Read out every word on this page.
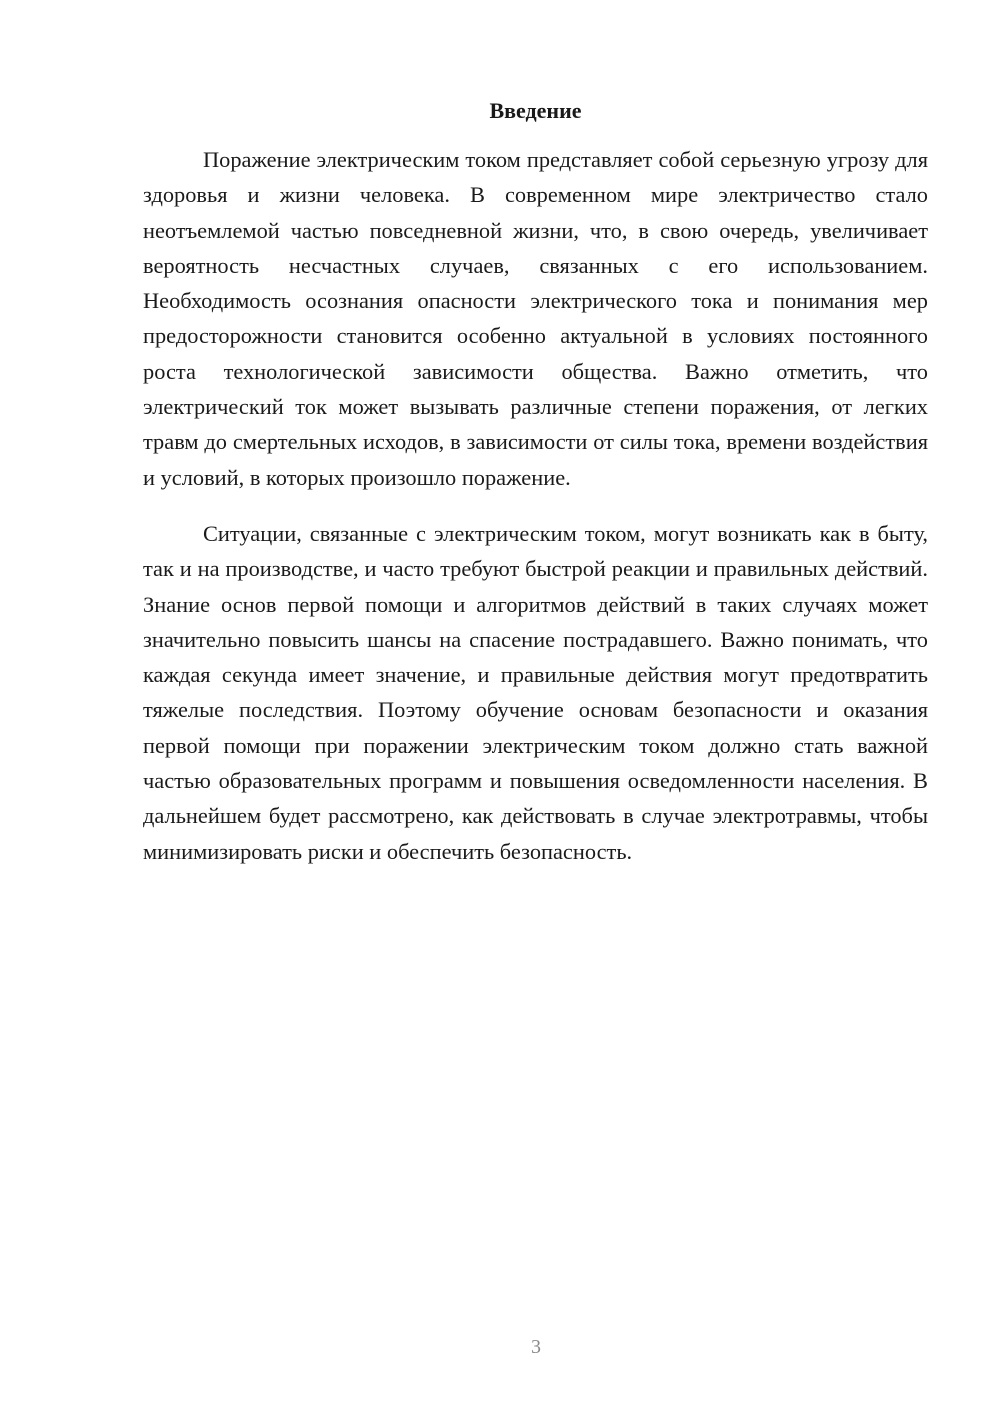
Введение

Поражение электрическим током представляет собой серьезную угрозу для здоровья и жизни человека. В современном мире электричество стало неотъемлемой частью повседневной жизни, что, в свою очередь, увеличивает вероятность несчастных случаев, связанных с его использованием. Необходимость осознания опасности электрического тока и понимания мер предосторожности становится особенно актуальной в условиях постоянного роста технологической зависимости общества. Важно отметить, что электрический ток может вызывать различные степени поражения, от легких травм до смертельных исходов, в зависимости от силы тока, времени воздействия и условий, в которых произошло поражение.

Ситуации, связанные с электрическим током, могут возникать как в быту, так и на производстве, и часто требуют быстрой реакции и правильных действий. Знание основ первой помощи и алгоритмов действий в таких случаях может значительно повысить шансы на спасение пострадавшего. Важно понимать, что каждая секунда имеет значение, и правильные действия могут предотвратить тяжелые последствия. Поэтому обучение основам безопасности и оказания первой помощи при поражении электрическим током должно стать важной частью образовательных программ и повышения осведомленности населения. В дальнейшем будет рассмотрено, как действовать в случае электротравмы, чтобы минимизировать риски и обеспечить безопасность.

3
